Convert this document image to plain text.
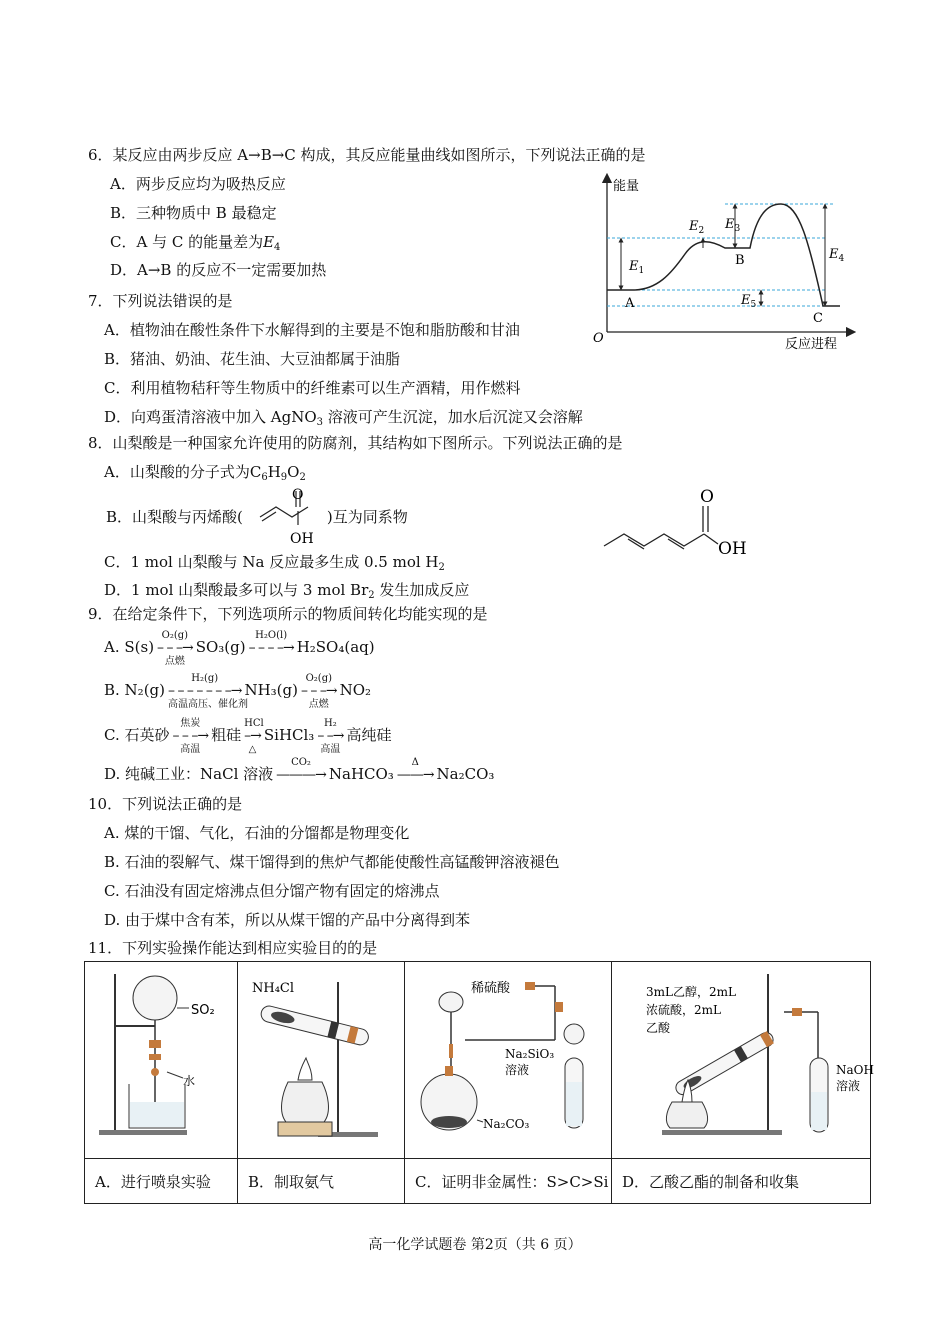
6．某反应由两步反应 A→B→C 构成，其反应能量曲线如图所示，下列说法正确的是
A．两步反应均为吸热反应
B．三种物质中 B 最稳定
C．A 与 C 的能量差为$E_4$
D．A→B 的反应不一定需要加热
能量
反应进程
O
A
B
C
$E_1$
$E_2$ $E_3$
$E_4$
$E_5$
7．下列说法错误的是
A．植物油在酸性条件下水解得到的主要是不饱和脂肪酸和甘油
B．猪油、奶油、花生油、大豆油都属于油脂
C．利用植物秸秆等生物质中的纤维素可以生产酒精，用作燃料
D．向鸡蛋清溶液中加入 AgNO$_3$ 溶液可产生沉淀，加水后沉淀又会溶解
8．山梨酸是一种国家允许使用的防腐剂，其结构如下图所示。下列说法正确的是
A．山梨酸的分子式为$C_6H_9O_2$
B．山梨酸与丙烯酸(	)互为同系物
O
OH
C．1 mol 山梨酸与 Na 反应最多生成 0.5 mol $H_2$
D．1 mol 山梨酸最多可以与 3 mol $Br_2$ 发生加成反应
O
OH
9．在给定条件下，下列选项所示的物质间转化均能实现的是
A. S(s)
O₂(g)
– – –→
点燃
SO₃(g)
H₂O(l)
– – – –→ H₂SO₄(aq)
B. N₂(g)
H₂(g)
– – – – – – –→
高温高压、催化剂
NH₃(g)
O₂(g)
– – –→
点燃
NO₂
C. 石英砂
焦炭
– – –→
高温
粗硅
HCl
–→
△
SiHCl₃
H₂
– –→
高温
高纯硅
D. 纯碱工业：NaCl 溶液
CO₂
———→ NaHCO₃
Δ
——→ Na₂CO₃
10．下列说法正确的是
A. 煤的干馏、气化，石油的分馏都是物理变化
B. 石油的裂解气、煤干馏得到的焦炉气都能使酸性高锰酸钾溶液褪色
C. 石油没有固定熔沸点但分馏产物有固定的熔沸点
D. 由于煤中含有苯，所以从煤干馏的产品中分离得到苯
11．下列实验操作能达到相应实验目的的是
SO₂
水	NH₄Cl	稀硫酸
Na₂CO₃
Na₂SiO₃
溶液	3mL乙醇，2mL
浓硫酸，2mL
乙酸
NaOH
溶液

A．进行喷泉实验	B．制取氨气	C．证明非金属性：S>C>Si	D．乙酸乙酯的制备和收集
高一化学试题卷 第2页（共 6 页）
